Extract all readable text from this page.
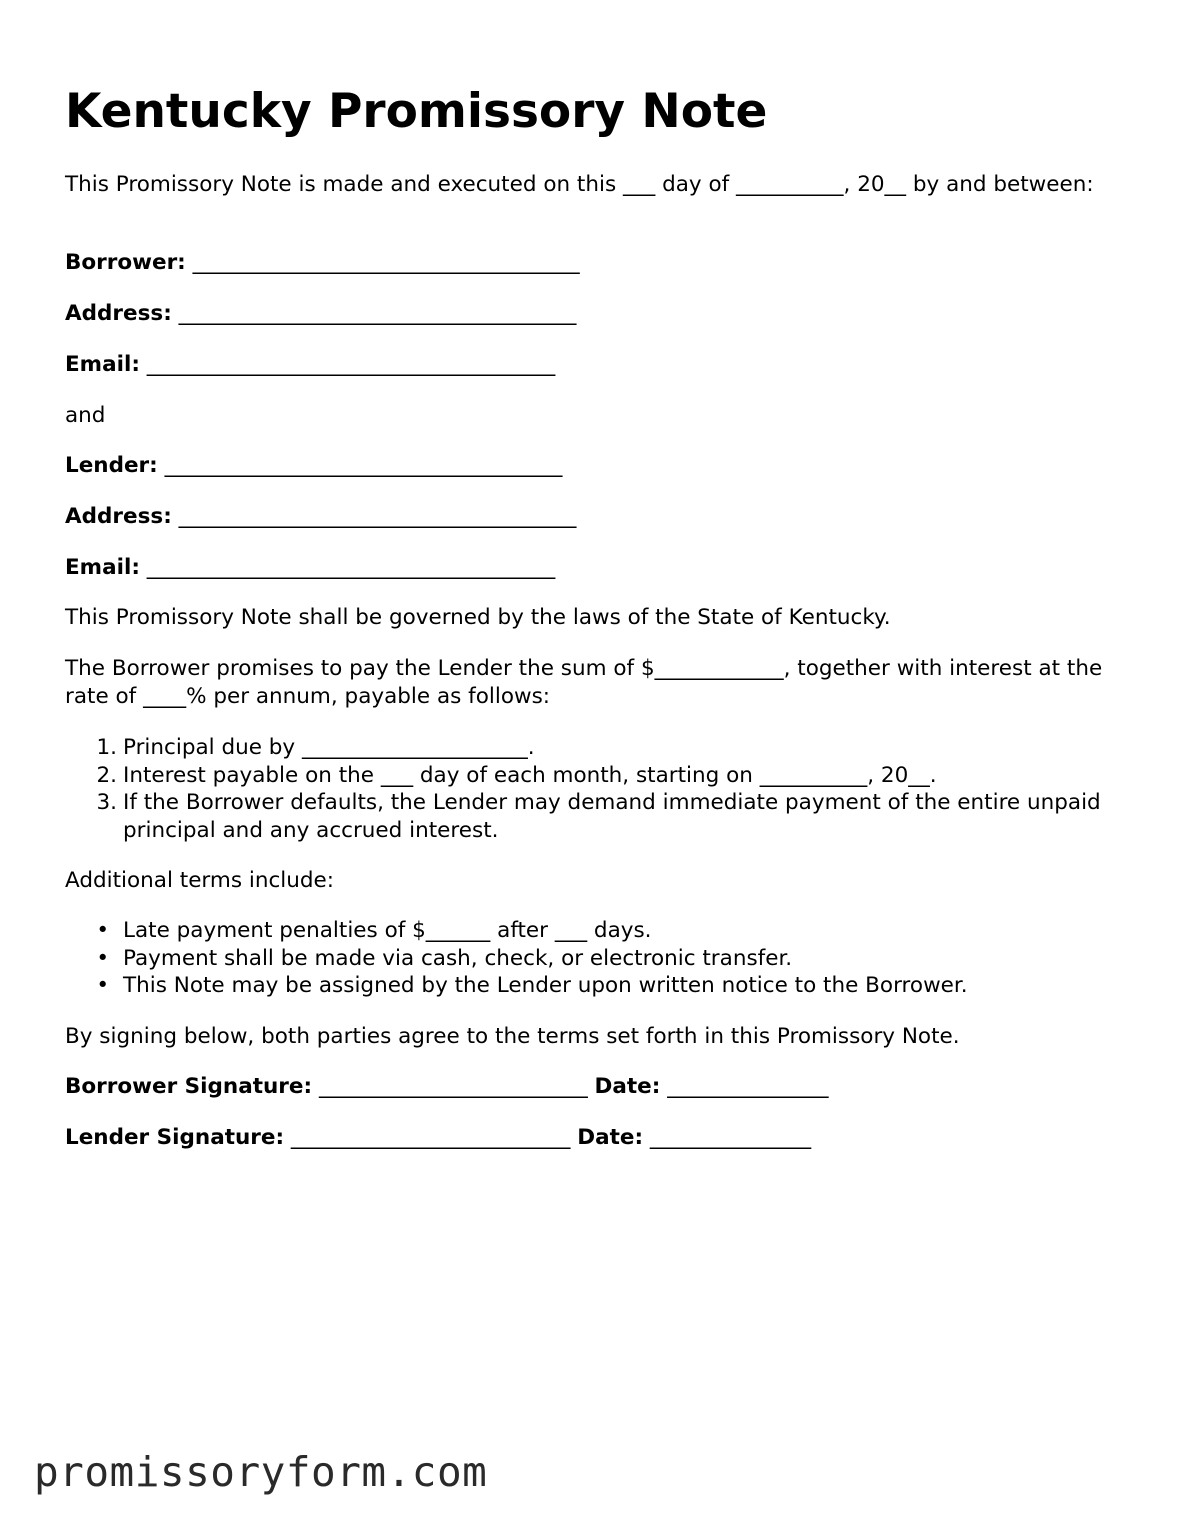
Kentucky Promissory Note

This Promissory Note is made and executed on this ___ day of __________, 20__ by and between:

Borrower: ____________________________________

Address: _____________________________________

Email: ______________________________________

and

Lender: _____________________________________

Address: _____________________________________

Email: ______________________________________

This Promissory Note shall be governed by the laws of the State of Kentucky.

The Borrower promises to pay the Lender the sum of $____________, together with interest at the rate of ____% per annum, payable as follows:

1. Principal due by _____________________.
2. Interest payable on the ___ day of each month, starting on __________, 20__.
3. If the Borrower defaults, the Lender may demand immediate payment of the entire unpaid principal and any accrued interest.

Additional terms include:

• Late payment penalties of $______ after ___ days.
• Payment shall be made via cash, check, or electronic transfer.
• This Note may be assigned by the Lender upon written notice to the Borrower.

By signing below, both parties agree to the terms set forth in this Promissory Note.

Borrower Signature: _________________________ Date: _______________

Lender Signature: __________________________ Date: _______________

promissoryform.com
